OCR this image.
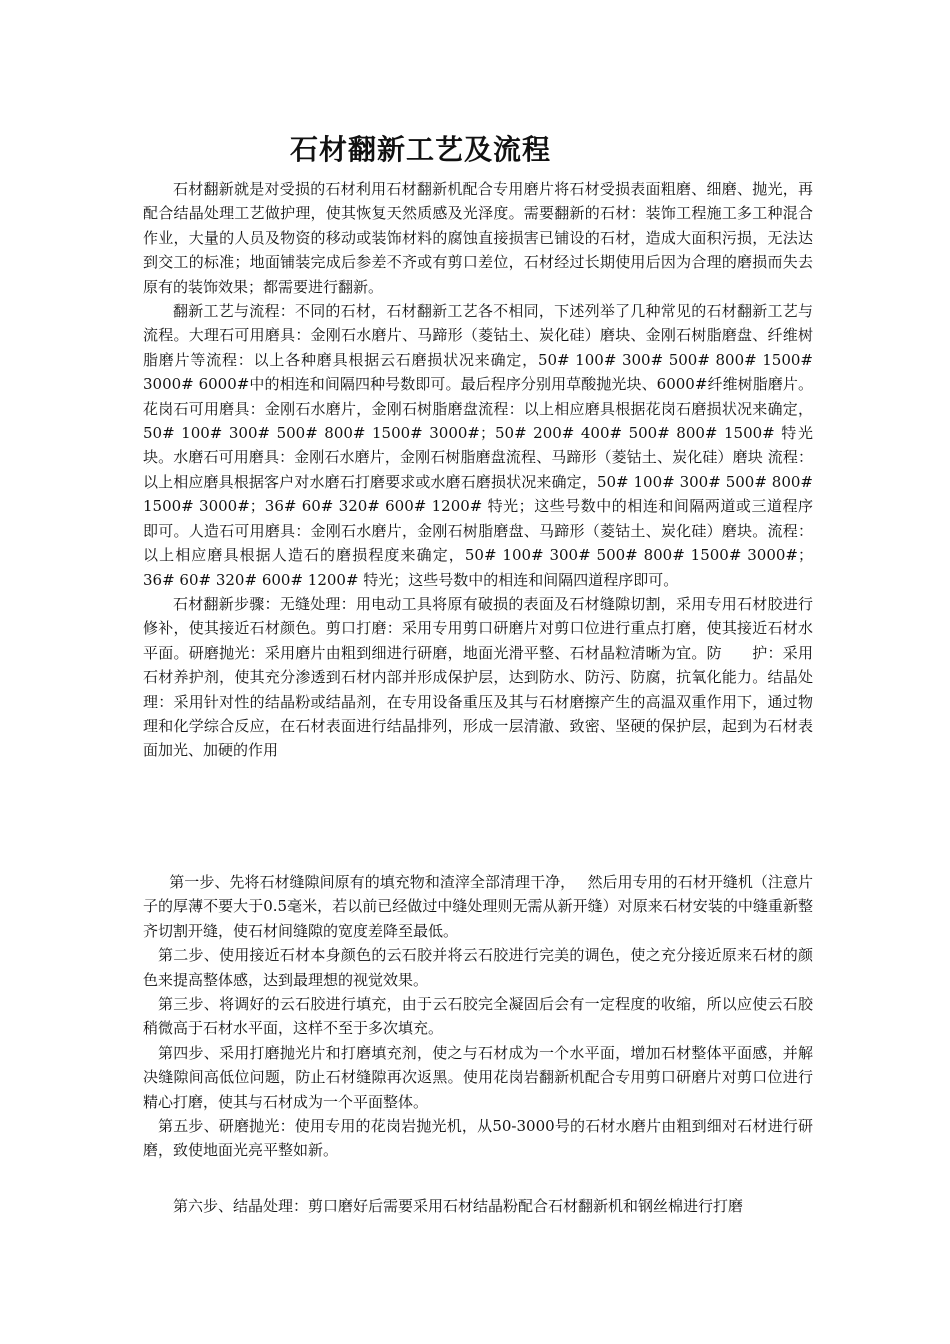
石材翻新工艺及流程

石材翻新就是对受损的石材利用石材翻新机配合专用磨片将石材受损表面粗磨、细磨、抛光，再配合结晶处理工艺做护理，使其恢复天然质感及光泽度。需要翻新的石材：装饰工程施工多工种混合作业，大量的人员及物资的移动或装饰材料的腐蚀直接损害已铺设的石材，造成大面积污损，无法达到交工的标准；地面铺装完成后参差不齐或有剪口差位，石材经过长期使用后因为合理的磨损而失去原有的装饰效果；都需要进行翻新。

翻新工艺与流程：不同的石材，石材翻新工艺各不相同，下述列举了几种常见的石材翻新工艺与流程。大理石可用磨具：金刚石水磨片、马蹄形（菱钴土、炭化硅）磨块、金刚石树脂磨盘、纤维树脂磨片等流程：以上各种磨具根据云石磨损状况来确定，50# 100# 300# 500# 800# 1500# 3000# 6000#中的相连和间隔四种号数即可。最后程序分别用草酸抛光块、6000#纤维树脂磨片。花岗石可用磨具：金刚石水磨片，金刚石树脂磨盘流程：以上相应磨具根据花岗石磨损状况来确定，50# 100# 300# 500# 800# 1500# 3000#；50# 200# 400# 500# 800# 1500# 特光块。水磨石可用磨具：金刚石水磨片，金刚石树脂磨盘流程、马蹄形（菱钴土、炭化硅）磨块 流程：以上相应磨具根据客户对水磨石打磨要求或水磨石磨损状况来确定，50# 100# 300# 500# 800# 1500# 3000#；36# 60# 320# 600# 1200# 特光；这些号数中的相连和间隔两道或三道程序即可。人造石可用磨具：金刚石水磨片，金刚石树脂磨盘、马蹄形（菱钴土、炭化硅）磨块。流程：以上相应磨具根据人造石的磨损程度来确定，50# 100# 300# 500# 800# 1500# 3000#；36# 60# 320# 600# 1200# 特光；这些号数中的相连和间隔四道程序即可。

石材翻新步骤：无缝处理：用电动工具将原有破损的表面及石材缝隙切割，采用专用石材胶进行修补，使其接近石材颜色。剪口打磨：采用专用剪口研磨片对剪口位进行重点打磨，使其接近石材水平面。研磨抛光：采用磨片由粗到细进行研磨，地面光滑平整、石材晶粒清晰为宜。防　　护：采用石材养护剂，使其充分渗透到石材内部并形成保护层，达到防水、防污、防腐，抗氧化能力。结晶处理：采用针对性的结晶粉或结晶剂，在专用设备重压及其与石材磨擦产生的高温双重作用下，通过物理和化学综合反应，在石材表面进行结晶排列，形成一层清澈、致密、坚硬的保护层，起到为石材表面加光、加硬的作用

第一步、先将石材缝隙间原有的填充物和渣滓全部清理干净，　 然后用专用的石材开缝机（注意片子的厚薄不要大于0.5毫米，若以前已经做过中缝处理则无需从新开缝）对原来石材安装的中缝重新整齐切割开缝，使石材间缝隙的宽度差降至最低。

第二步、使用接近石材本身颜色的云石胶并将云石胶进行完美的调色，使之充分接近原来石材的颜色来提高整体感，达到最理想的视觉效果。

第三步、将调好的云石胶进行填充，由于云石胶完全凝固后会有一定程度的收缩，所以应使云石胶稍微高于石材水平面，这样不至于多次填充。

第四步、采用打磨抛光片和打磨填充剂，使之与石材成为一个水平面，增加石材整体平面感，并解决缝隙间高低位问题，防止石材缝隙再次返黑。使用花岗岩翻新机配合专用剪口研磨片对剪口位进行精心打磨，使其与石材成为一个平面整体。

第五步、研磨抛光：使用专用的花岗岩抛光机，从50-3000号的石材水磨片由粗到细对石材进行研磨，致使地面光亮平整如新。

第六步、结晶处理：剪口磨好后需要采用石材结晶粉配合石材翻新机和钢丝棉进行打磨
